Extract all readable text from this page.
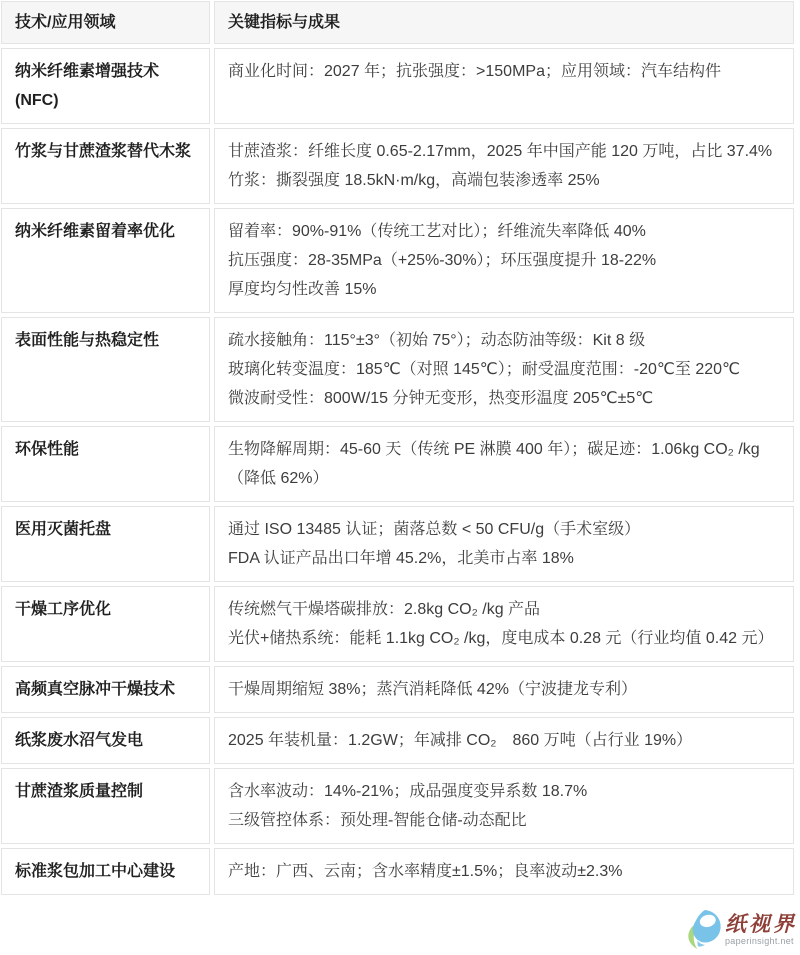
技术/应用领域	关键指标与成果
纳米纤维素增强技术 (NFC)	商业化时间：2027 年；抗张强度：>150MPa；应用领域：汽车结构件

竹浆与甘蔗渣浆替代木浆	甘蔗渣浆：纤维长度 0.65-2.17mm，2025 年中国产能 120 万吨，占比 37.4%
竹浆：撕裂强度 18.5kN·m/kg，高端包装渗透率 25%

纳米纤维素留着率优化	留着率：90%-91%（传统工艺对比）；纤维流失率降低 40%
抗压强度：28-35MPa（+25%-30%）；环压强度提升 18-22%
厚度均匀性改善 15%

表面性能与热稳定性	疏水接触角：115°±3°（初始 75°）；动态防油等级：Kit 8 级
玻璃化转变温度：185℃（对照 145℃）；耐受温度范围：-20℃至 220℃
微波耐受性：800W/15 分钟无变形，热变形温度 205℃±5℃

环保性能	生物降解周期：45-60 天（传统 PE 淋膜 400 年）；碳足迹：1.06kg CO₂ /kg（降低 62%）

医用灭菌托盘	通过 ISO 13485 认证；菌落总数 < 50 CFU/g（手术室级）
FDA 认证产品出口年增 45.2%，北美市占率 18%

干燥工序优化	传统燃气干燥塔碳排放：2.8kg CO₂ /kg 产品
光伏+储热系统：能耗 1.1kg CO₂ /kg，度电成本 0.28 元（行业均值 0.42 元）

高频真空脉冲干燥技术	干燥周期缩短 38%；蒸汽消耗降低 42%（宁波捷龙专利）

纸浆废水沼气发电	2025 年装机量：1.2GW；年减排 CO₂　860 万吨（占行业 19%）

甘蔗渣浆质量控制	含水率波动：14%-21%；成品强度变异系数 18.7%
三级管控体系：预处理-智能仓储-动态配比

标准浆包加工中心建设	产地：广西、云南；含水率精度±1.5%；良率波动±2.3%
纸视界
paperinsight.net
